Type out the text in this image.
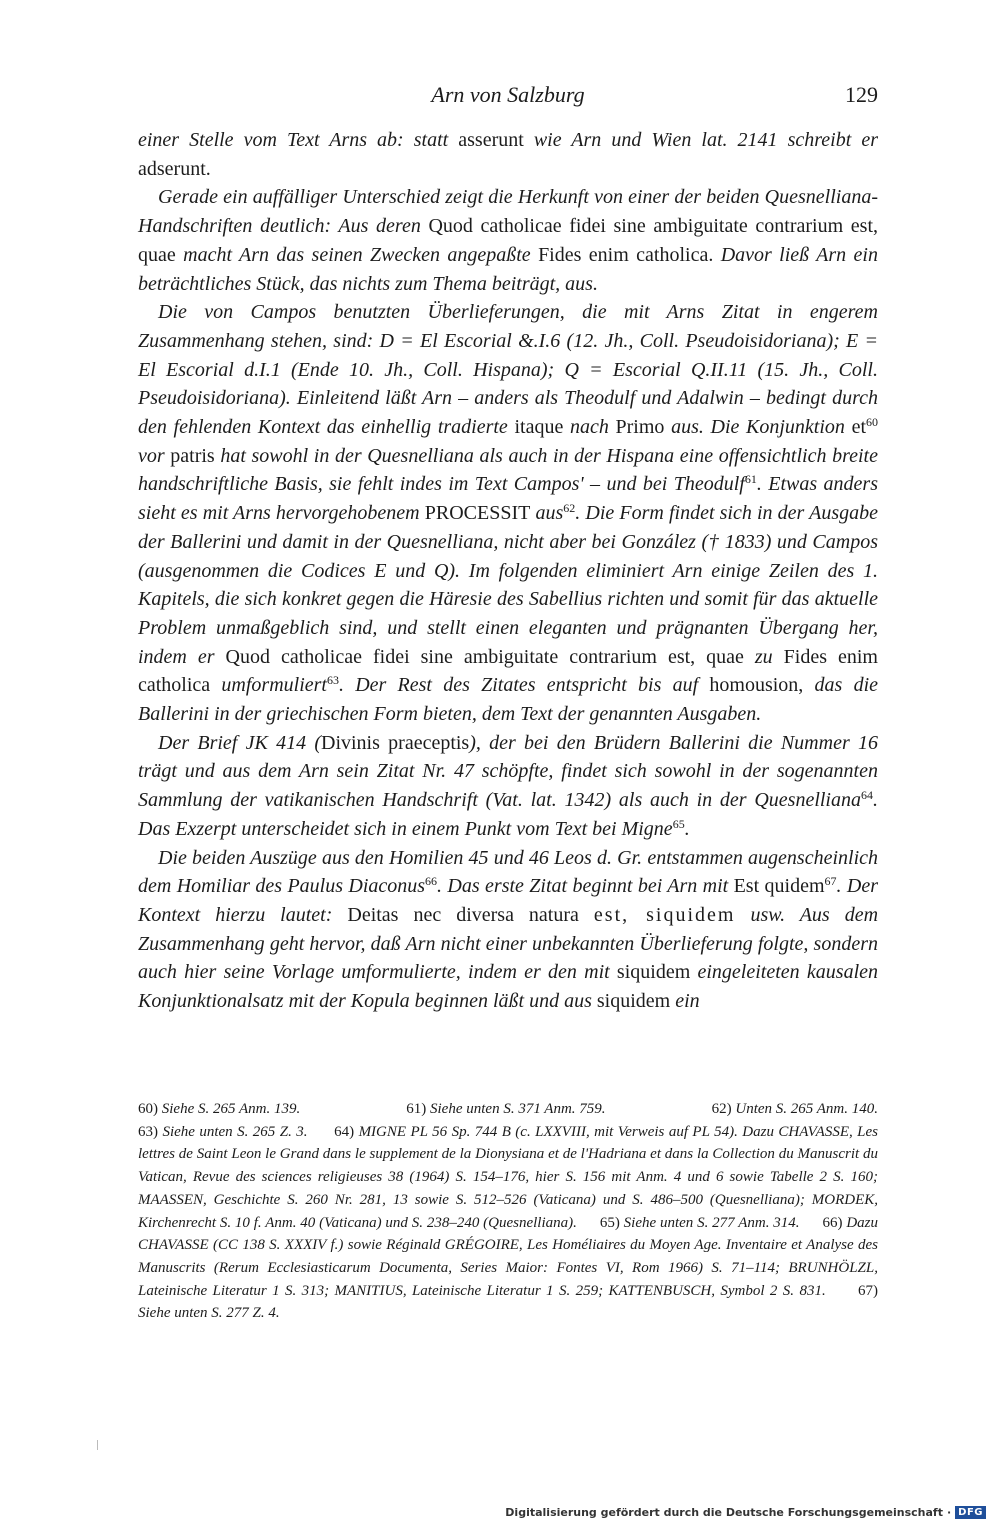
Arn von Salzburg	129

einer Stelle vom Text Arns ab: statt asserunt wie Arn und Wien lat. 2141 schreibt er adserunt.

Gerade ein auffälliger Unterschied zeigt die Herkunft von einer der beiden Quesnelliana-Handschriften deutlich: Aus deren Quod catholicae fidei sine ambiguitate contrarium est, quae macht Arn das seinen Zwecken angepaßte Fides enim catholica. Davor ließ Arn ein beträchtliches Stück, das nichts zum Thema beiträgt, aus.

Die von Campos benutzten Überlieferungen, die mit Arns Zitat in engerem Zusammenhang stehen, sind: D = El Escorial &.I.6 (12. Jh., Coll. Pseudoisidoriana); E = El Escorial d.I.1 (Ende 10. Jh., Coll. Hispana); Q = Escorial Q.II.11 (15. Jh., Coll. Pseudoisidoriana). Einleitend läßt Arn – anders als Theodulf und Adalwin – bedingt durch den fehlenden Kontext das einhellig tradierte itaque nach Primo aus. Die Konjunktion et$^{60}$ vor patris hat sowohl in der Quesnelliana als auch in der Hispana eine offensichtlich breite handschriftliche Basis, sie fehlt indes im Text Campos' – und bei Theodulf$^{61}$. Etwas anders sieht es mit Arns hervorgehobenem PROCESSIT aus$^{62}$. Die Form findet sich in der Ausgabe der Ballerini und damit in der Quesnelliana, nicht aber bei González († 1833) und Campos (ausgenommen die Codices E und Q). Im folgenden eliminiert Arn einige Zeilen des 1. Kapitels, die sich konkret gegen die Häresie des Sabellius richten und somit für das aktuelle Problem unmaßgeblich sind, und stellt einen eleganten und prägnanten Übergang her, indem er Quod catholicae fidei sine ambiguitate contrarium est, quae zu Fides enim catholica umformuliert$^{63}$. Der Rest des Zitates entspricht bis auf homousion, das die Ballerini in der griechischen Form bieten, dem Text der genannten Ausgaben.

Der Brief JK 414 (Divinis praeceptis), der bei den Brüdern Ballerini die Nummer 16 trägt und aus dem Arn sein Zitat Nr. 47 schöpfte, findet sich sowohl in der sogenannten Sammlung der vatikanischen Handschrift (Vat. lat. 1342) als auch in der Quesnelliana$^{64}$. Das Exzerpt unterscheidet sich in einem Punkt vom Text bei Migne$^{65}$.

Die beiden Auszüge aus den Homilien 45 und 46 Leos d. Gr. entstammen augenscheinlich dem Homiliar des Paulus Diaconus$^{66}$. Das erste Zitat beginnt bei Arn mit Est quidem$^{67}$. Der Kontext hierzu lautet: Deitas nec diversa natura est, siquidem usw. Aus dem Zusammenhang geht hervor, daß Arn nicht einer unbekannten Überlieferung folgte, sondern auch hier seine Vorlage umformulierte, indem er den mit siquidem eingeleiteten kausalen Konjunktionalsatz mit der Kopula beginnen läßt und aus siquidem ein

60) Siehe S. 265 Anm. 139.	61) Siehe unten S. 371 Anm. 759.	62) Unten S. 265 Anm. 140.
63) Siehe unten S. 265 Z. 3. 64) MIGNE PL 56 Sp. 744 B (c. LXXVIII, mit Verweis auf PL 54). Dazu CHAVASSE, Les lettres de Saint Leon le Grand dans le supplement de la Dionysiana et de l'Hadriana et dans la Collection du Manuscrit du Vatican, Revue des sciences religieuses 38 (1964) S. 154–176, hier S. 156 mit Anm. 4 und 6 sowie Tabelle 2 S. 160; MAASSEN, Geschichte S. 260 Nr. 281, 13 sowie S. 512–526 (Vaticana) und S. 486–500 (Quesnelliana); MORDEK, Kirchenrecht S. 10 f. Anm. 40 (Vaticana) und S. 238–240 (Quesnelliana). 65) Siehe unten S. 277 Anm. 314. 66) Dazu CHAVASSE (CC 138 S. XXXIV f.) sowie Réginald GRÉGOIRE, Les Homéliaires du Moyen Age. Inventaire et Analyse des Manuscrits (Rerum Ecclesiasticarum Documenta, Series Maior: Fontes VI, Rom 1966) S. 71–114; BRUNHÖLZL, Lateinische Literatur 1 S. 313; MANITIUS, Lateinische Literatur 1 S. 259; KATTENBUSCH, Symbol 2 S. 831. 67) Siehe unten S. 277 Z. 4.
Digitalisierung gefördert durch die Deutsche Forschungsgemeinschaft · DFG
